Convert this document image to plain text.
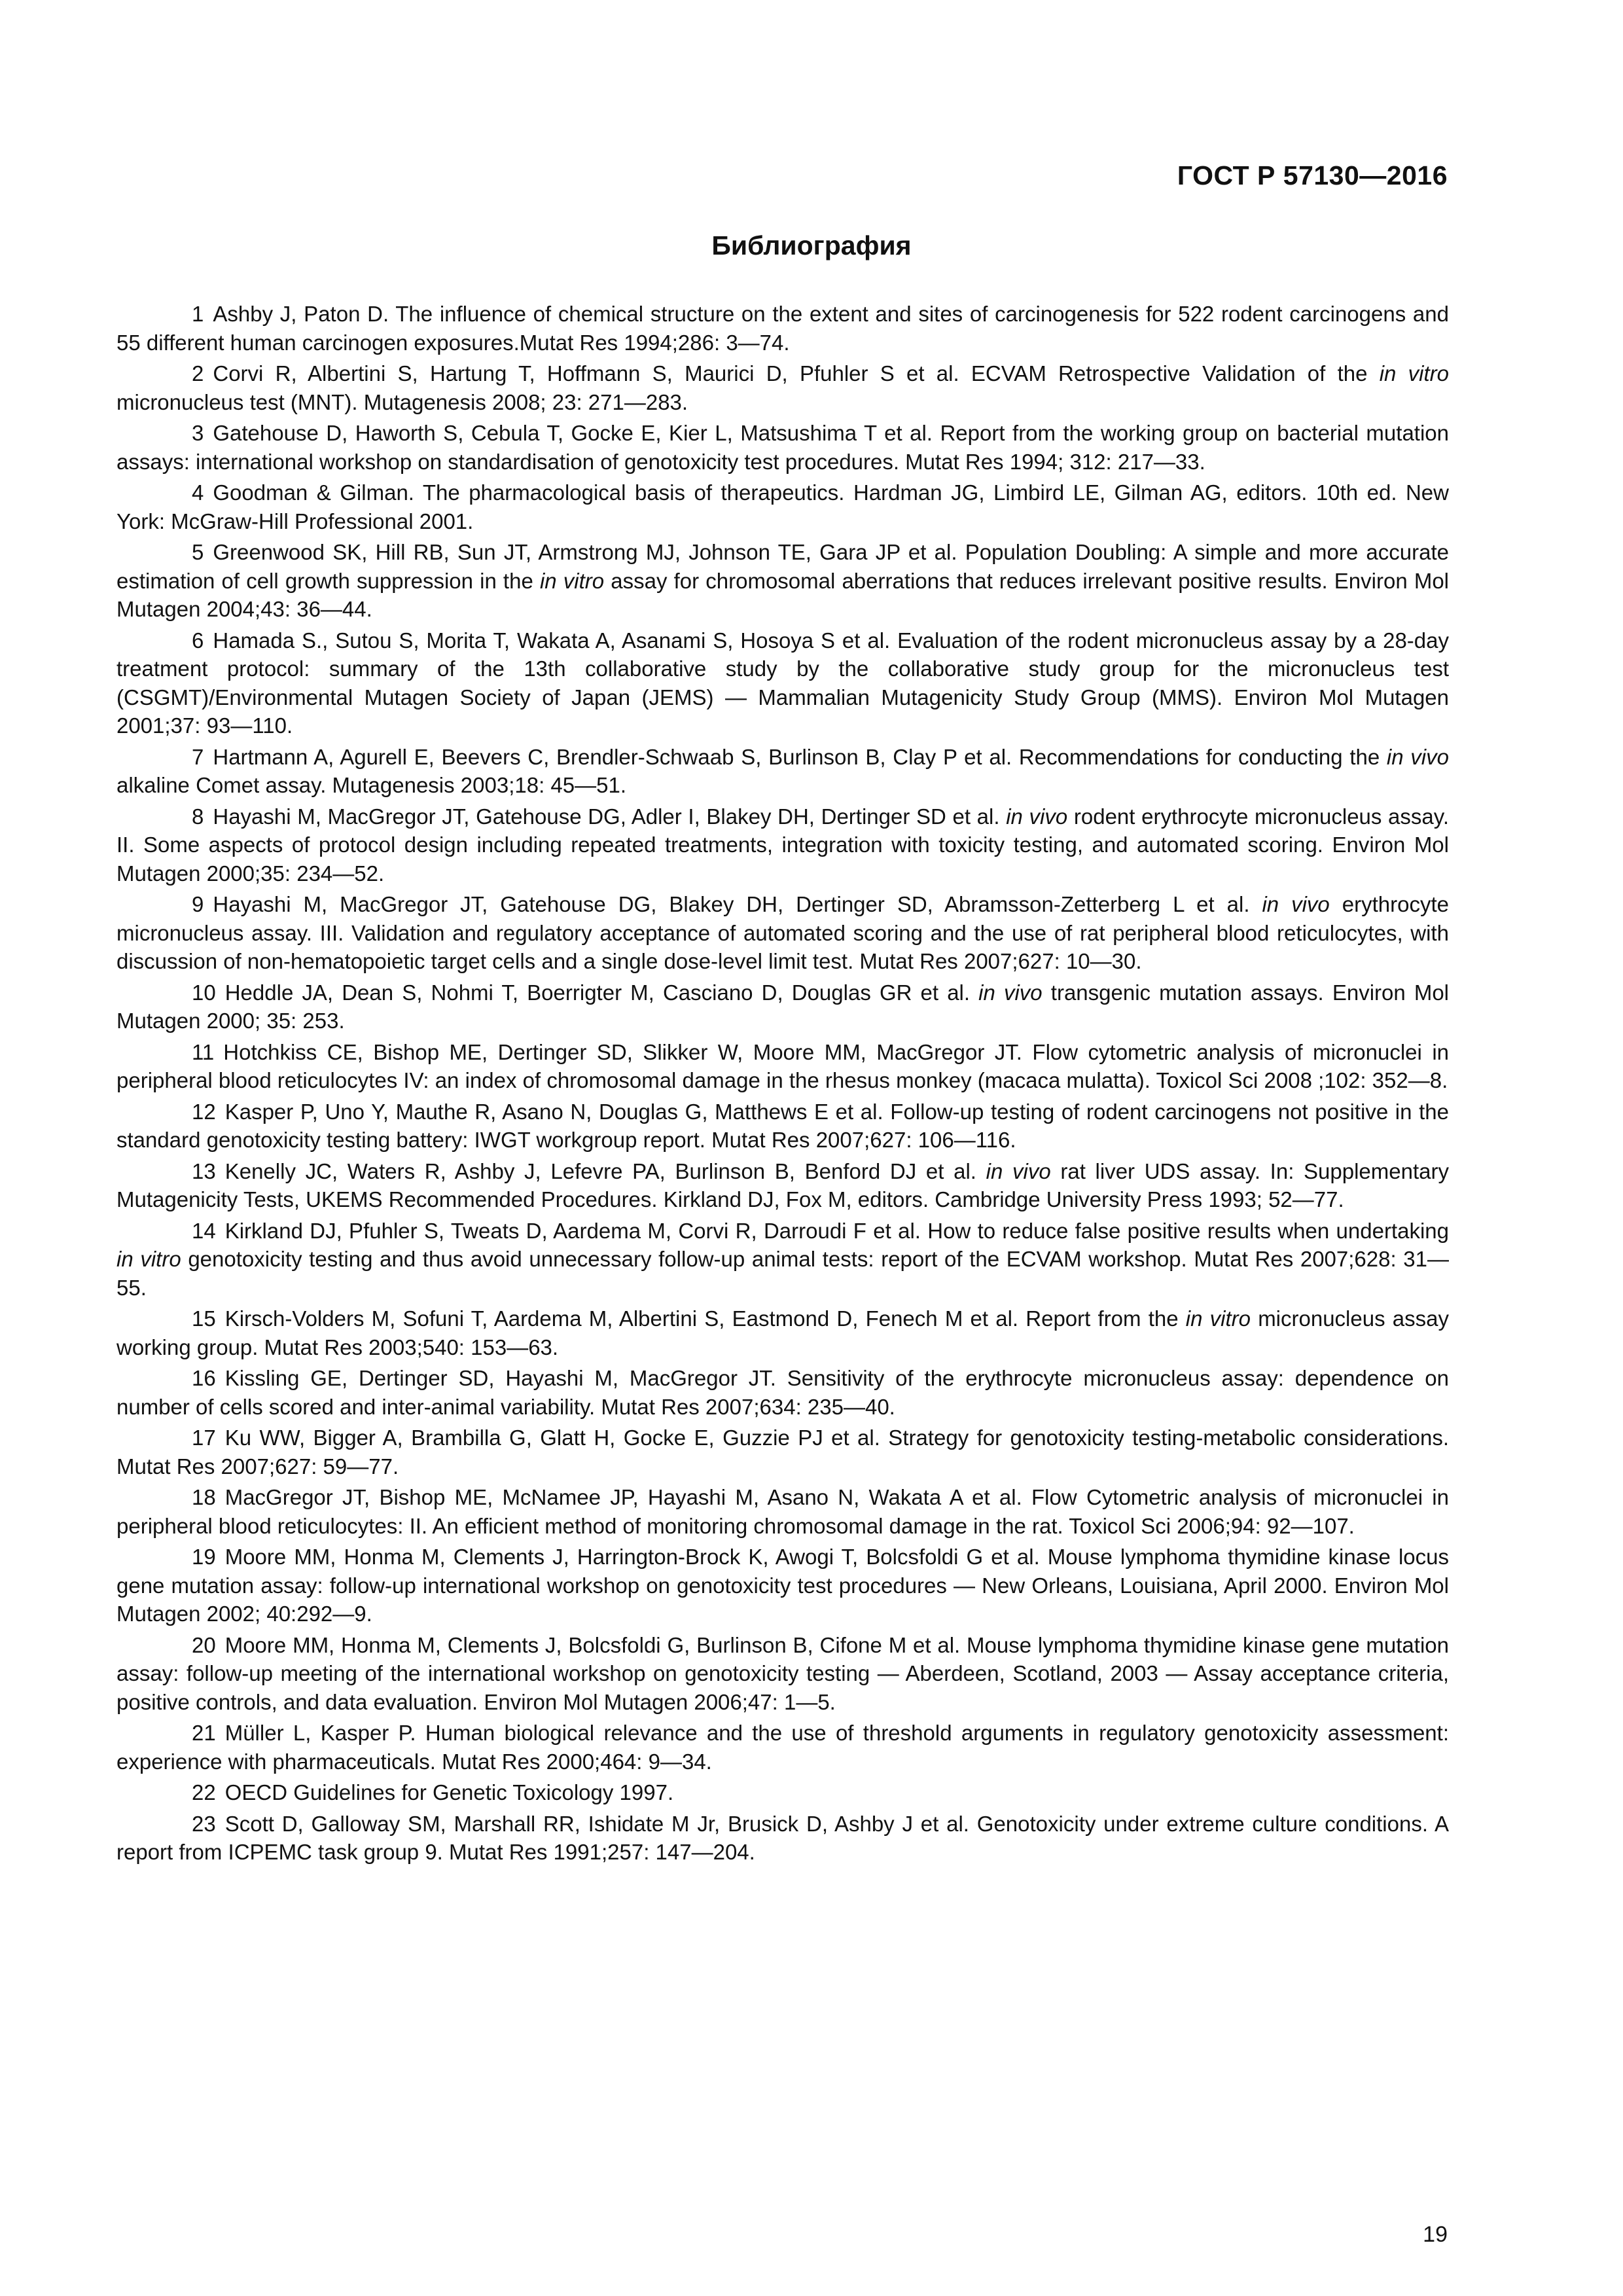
ГОСТ Р 57130—2016
Библиография

1 Ashby J, Paton D. The influence of chemical structure on the extent and sites of carcinogenesis for 522 rodent carcinogens and 55 different human carcinogen exposures.Mutat Res 1994;286: 3—74.

2 Corvi R, Albertini S, Hartung T, Hoffmann S, Maurici D, Pfuhler S et al. ECVAM Retrospective Validation of the in vitro micronucleus test (MNT). Mutagenesis 2008; 23: 271—283.

3 Gatehouse D, Haworth S, Cebula T, Gocke E, Kier L, Matsushima T et al. Report from the working group on bacterial mutation assays: international workshop on standardisation of genotoxicity test procedures. Mutat Res 1994; 312: 217—33.

4 Goodman & Gilman. The pharmacological basis of therapeutics. Hardman JG, Limbird LE, Gilman AG, editors. 10th ed. New York: McGraw-Hill Professional 2001.

5 Greenwood SK, Hill RB, Sun JT, Armstrong MJ, Johnson TE, Gara JP et al. Population Doubling: A simple and more accurate estimation of cell growth suppression in the in vitro assay for chromosomal aberrations that reduces irrelevant positive results. Environ Mol Mutagen 2004;43: 36—44.

6 Hamada S., Sutou S, Morita T, Wakata A, Asanami S, Hosoya S et al. Evaluation of the rodent micronucleus assay by a 28-day treatment protocol: summary of the 13th collaborative study by the collaborative study group for the micronucleus test (CSGMT)/Environmental Mutagen Society of Japan (JEMS) — Mammalian Mutagenicity Study Group (MMS). Environ Mol Mutagen 2001;37: 93—110.

7 Hartmann A, Agurell E, Beevers C, Brendler-Schwaab S, Burlinson B, Clay P et al. Recommendations for conducting the in vivo alkaline Comet assay. Mutagenesis 2003;18: 45—51.

8 Hayashi M, MacGregor JT, Gatehouse DG, Adler I, Blakey DH, Dertinger SD et al. in vivo rodent erythrocyte micronucleus assay. II. Some aspects of protocol design including repeated treatments, integration with toxicity testing, and automated scoring. Environ Mol Mutagen 2000;35: 234—52.

9 Hayashi M, MacGregor JT, Gatehouse DG, Blakey DH, Dertinger SD, Abramsson-Zetterberg L et al. in vivo erythrocyte micronucleus assay. III. Validation and regulatory acceptance of automated scoring and the use of rat peripheral blood reticulocytes, with discussion of non-hematopoietic target cells and a single dose-level limit test. Mutat Res 2007;627: 10—30.

10 Heddle JA, Dean S, Nohmi T, Boerrigter M, Casciano D, Douglas GR et al. in vivo transgenic mutation assays. Environ Mol Mutagen 2000; 35: 253.

11 Hotchkiss CE, Bishop ME, Dertinger SD, Slikker W, Moore MM, MacGregor JT. Flow cytometric analysis of micronuclei in peripheral blood reticulocytes IV: an index of chromosomal damage in the rhesus monkey (macaca mulatta). Toxicol Sci 2008 ;102: 352—8.

12 Kasper P, Uno Y, Mauthe R, Asano N, Douglas G, Matthews E et al. Follow-up testing of rodent carcinogens not positive in the standard genotoxicity testing battery: IWGT workgroup report. Mutat Res 2007;627: 106—116.

13 Kenelly JC, Waters R, Ashby J, Lefevre PA, Burlinson B, Benford DJ et al. in vivo rat liver UDS assay. In: Supplementary Mutagenicity Tests, UKEMS Recommended Procedures. Kirkland DJ, Fox M, editors. Cambridge University Press 1993; 52—77.

14 Kirkland DJ, Pfuhler S, Tweats D, Aardema M, Corvi R, Darroudi F et al. How to reduce false positive results when undertaking in vitro genotoxicity testing and thus avoid unnecessary follow-up animal tests: report of the ECVAM workshop. Mutat Res 2007;628: 31—55.

15 Kirsch-Volders M, Sofuni T, Aardema M, Albertini S, Eastmond D, Fenech M et al. Report from the in vitro micronucleus assay working group. Mutat Res 2003;540: 153—63.

16 Kissling GE, Dertinger SD, Hayashi M, MacGregor JT. Sensitivity of the erythrocyte micronucleus assay: dependence on number of cells scored and inter-animal variability. Mutat Res 2007;634: 235—40.

17 Ku WW, Bigger A, Brambilla G, Glatt H, Gocke E, Guzzie PJ et al. Strategy for genotoxicity testing-metabolic considerations. Mutat Res 2007;627: 59—77.

18 MacGregor JT, Bishop ME, McNamee JP, Hayashi M, Asano N, Wakata A et al. Flow Cytometric analysis of micronuclei in peripheral blood reticulocytes: II. An efficient method of monitoring chromosomal damage in the rat. Toxicol Sci 2006;94: 92—107.

19 Moore MM, Honma M, Clements J, Harrington-Brock K, Awogi T, Bolcsfoldi G et al. Mouse lymphoma thymidine kinase locus gene mutation assay: follow-up international workshop on genotoxicity test procedures — New Orleans, Louisiana, April 2000. Environ Mol Mutagen 2002; 40:292—9.

20 Moore MM, Honma M, Clements J, Bolcsfoldi G, Burlinson B, Cifone M et al. Mouse lymphoma thymidine kinase gene mutation assay: follow-up meeting of the international workshop on genotoxicity testing — Aberdeen, Scotland, 2003 — Assay acceptance criteria, positive controls, and data evaluation. Environ Mol Mutagen 2006;47: 1—5.

21 Müller L, Kasper P. Human biological relevance and the use of threshold arguments in regulatory genotoxicity assessment: experience with pharmaceuticals. Mutat Res 2000;464: 9—34.

22 OECD Guidelines for Genetic Toxicology 1997.

23 Scott D, Galloway SM, Marshall RR, Ishidate M Jr, Brusick D, Ashby J et al. Genotoxicity under extreme culture conditions. A report from ICPEMC task group 9. Mutat Res 1991;257: 147—204.

19
